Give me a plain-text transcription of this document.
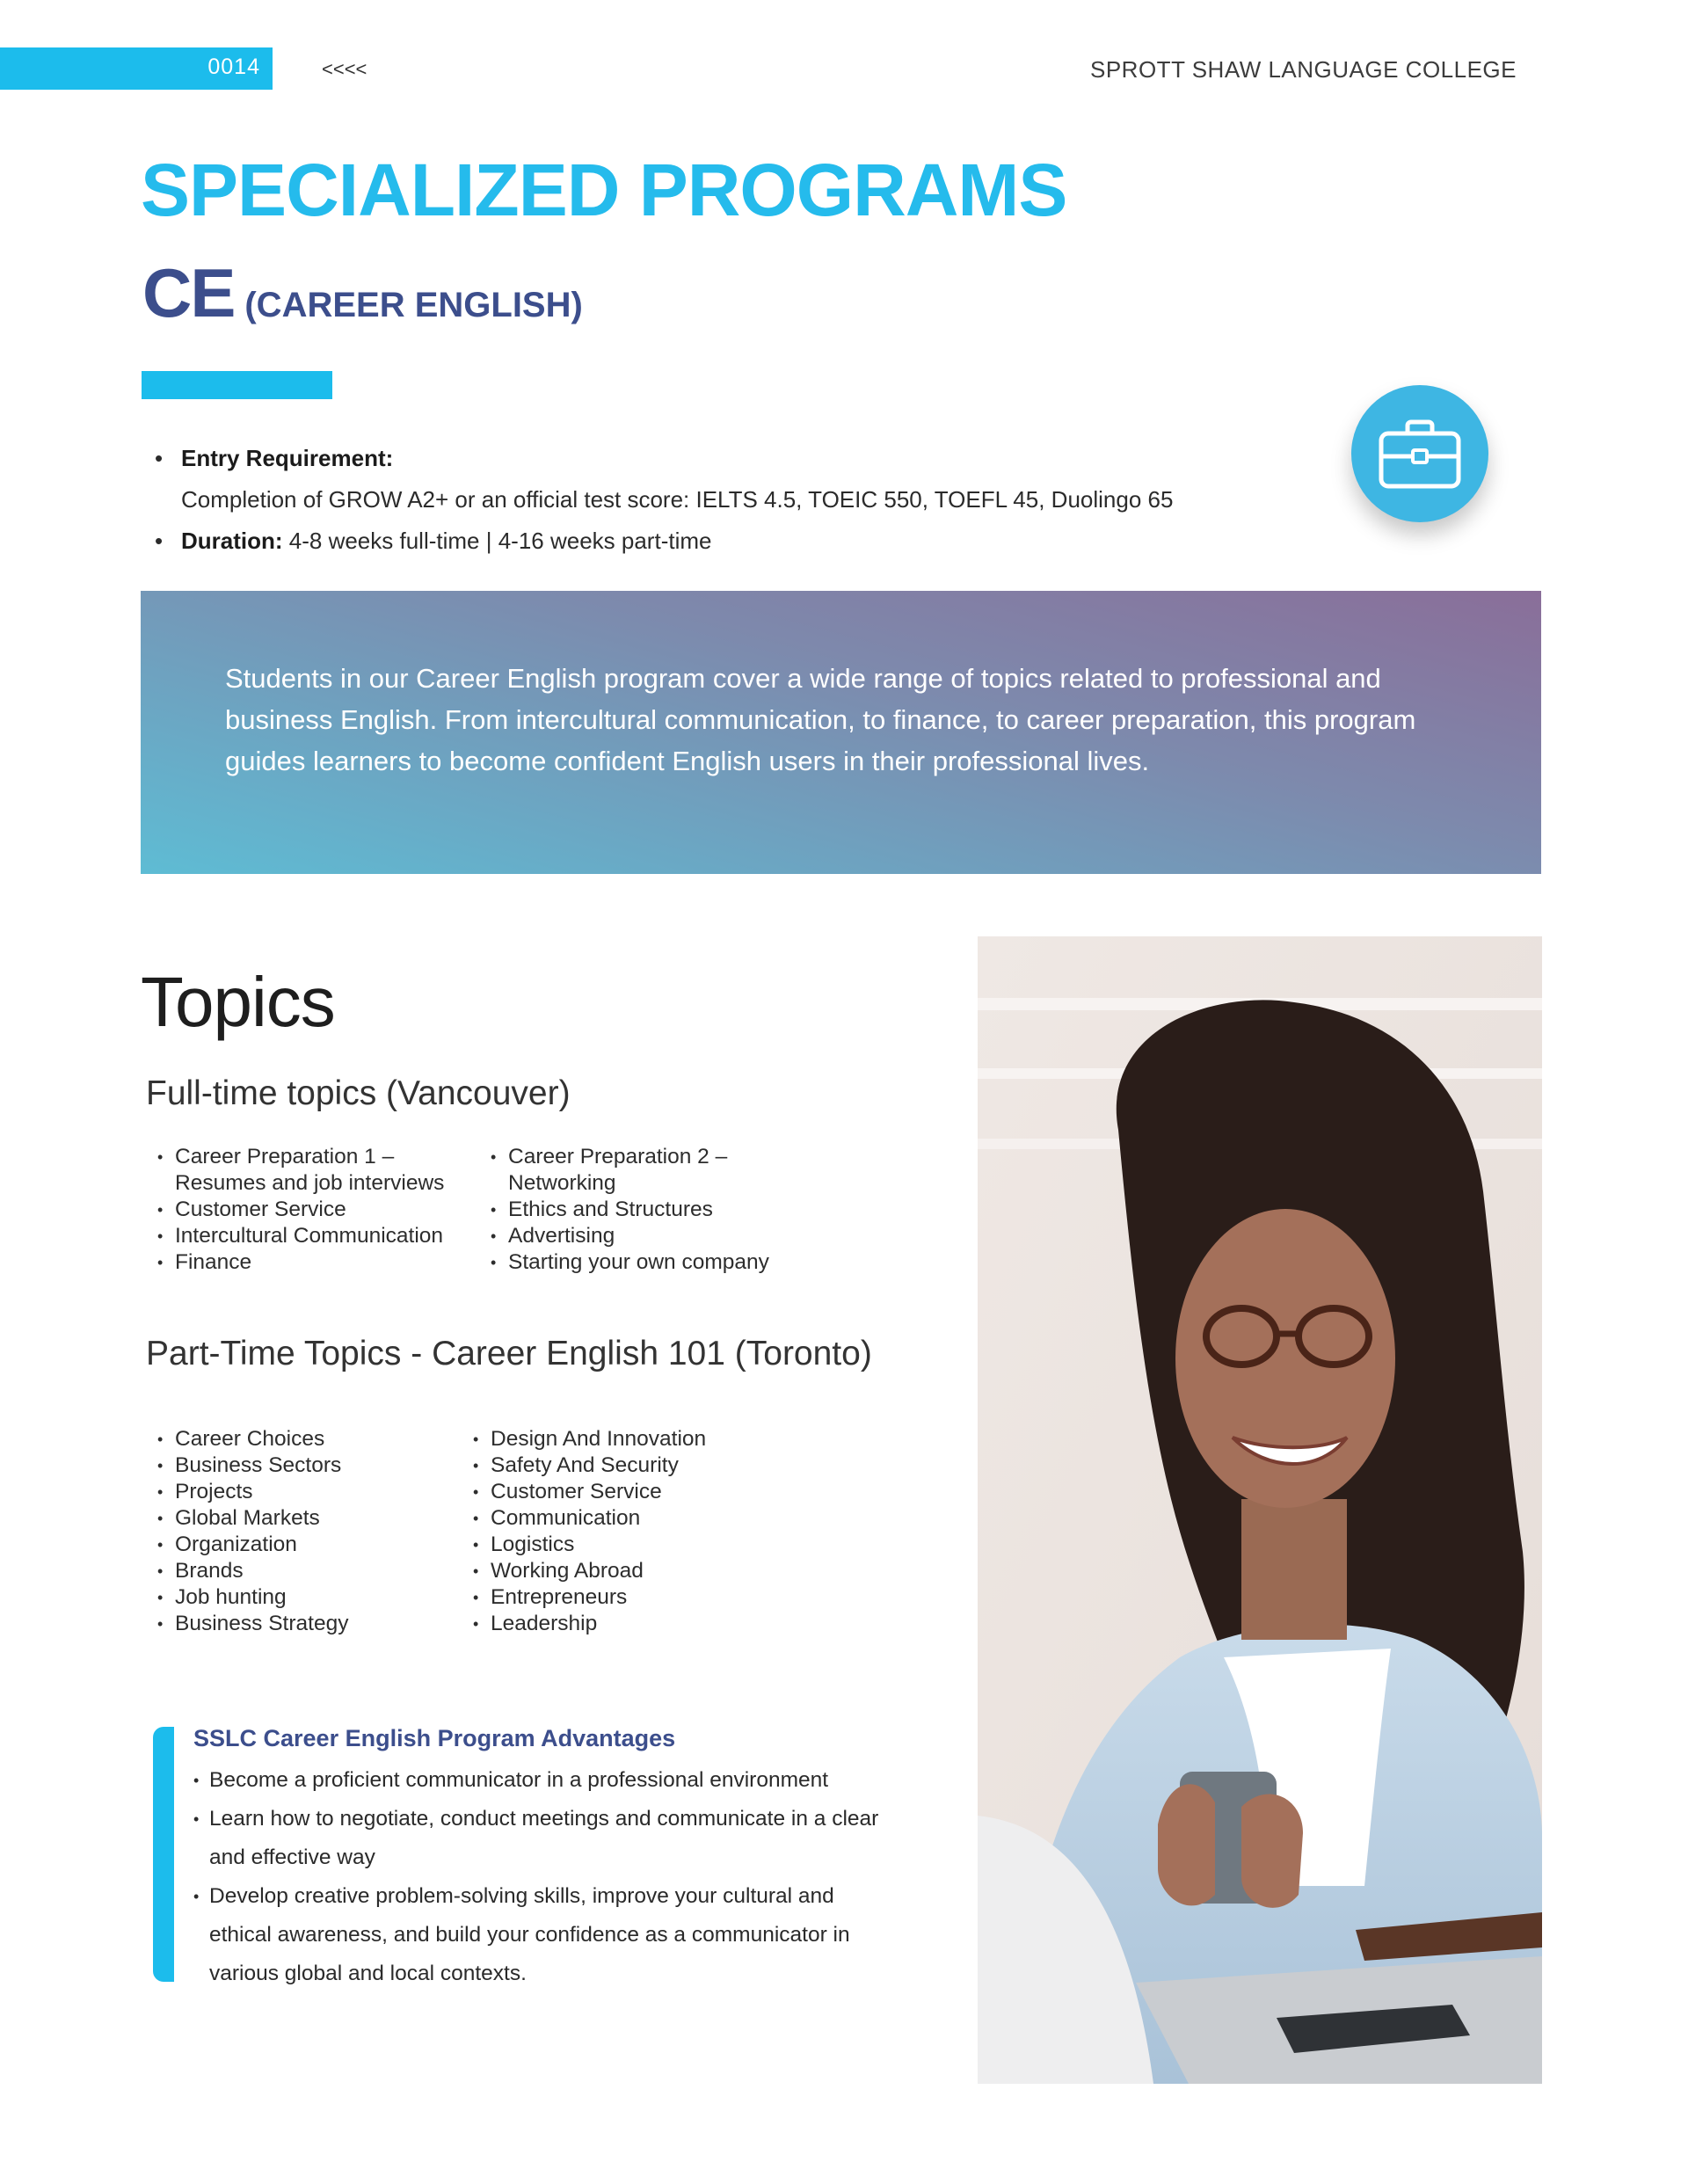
0014	<<<<	SPROTT SHAW LANGUAGE COLLEGE
SPECIALIZED PROGRAMS
CE (CAREER ENGLISH)
• Entry Requirement:
Completion of GROW A2+ or an official test score: IELTS 4.5, TOEIC 550, TOEFL 45, Duolingo 65
• Duration: 4-8 weeks full-time | 4-16 weeks part-time

Students in our Career English program cover a wide range of topics related to professional and business English. From intercultural communication, to finance, to career preparation, this program guides learners to become confident English users in their professional lives.

Topics
Full-time topics (Vancouver)
• Career Preparation 1 – Resumes and job interviews
• Customer Service
• Intercultural Communication
• Finance
• Career Preparation 2 – Networking
• Ethics and Structures
• Advertising
• Starting your own company
Part-Time Topics - Career English 101 (Toronto)
• Career Choices
• Business Sectors
• Projects
• Global Markets
• Organization
• Brands
• Job hunting
• Business Strategy
• Design And Innovation
• Safety And Security
• Customer Service
• Communication
• Logistics
• Working Abroad
• Entrepreneurs
• Leadership
SSLC Career English Program Advantages
• Become a proficient communicator in a professional environment
• Learn how to negotiate, conduct meetings and communicate in a clear and effective way
• Develop creative problem-solving skills, improve your cultural and ethical awareness, and build your confidence as a communicator in various global and local contexts.
